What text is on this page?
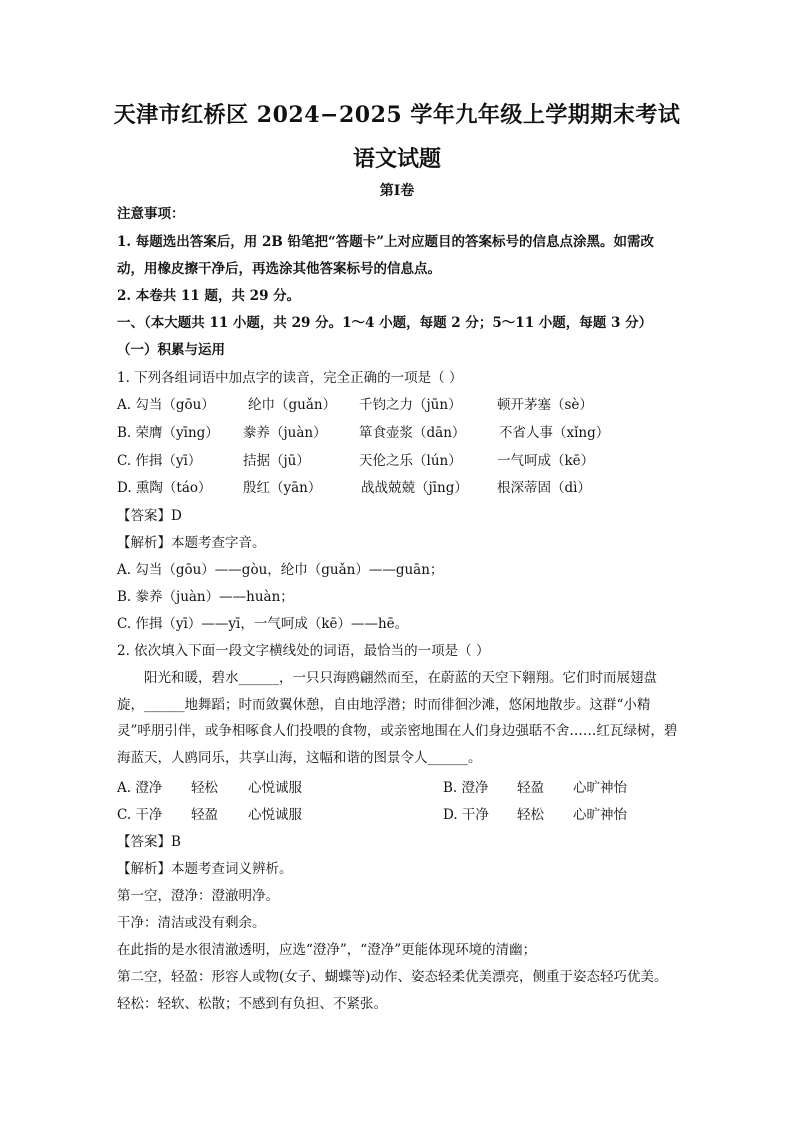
天津市红桥区 2024−2025 学年九年级上学期期末考试
语文试题
第Ⅰ卷
注意事项：
1. 每题选出答案后，用 2B 铅笔把“答题卡”上对应题目的答案标号的信息点涂黑。如需改
动，用橡皮擦干净后，再选涂其他答案标号的信息点。
2. 本卷共 11 题，共 29 分。
一、（本大题共 11 小题，共 29 分。1～4 小题，每题 2 分；5～11 小题，每题 3 分）
（一）积累与运用
1. 下列各组词语中加点字的读音，完全正确的一项是（ ）
A. 勾当（gōu） 纶巾（guǎn） 千钧之力（jūn）	顿开茅塞（sè）
B. 荣膺（yīng） 豢养（juàn） 箪食壶浆（dān） 不省人事（xǐng）
C. 作揖（yī）	拮据（jū）	天伦之乐（lún）	一气呵成（kē）
D. 熏陶（táo） 殷红（yān）	战战兢兢（jīng） 根深蒂固（dì）
【答案】D
【解析】本题考查字音。
A. 勾当（gōu）——gòu，纶巾（guǎn）——guān；
B. 豢养（juàn）——huàn；
C. 作揖（yī）——yī，一气呵成（kē）——hē。
2. 依次填入下面一段文字横线处的词语，最恰当的一项是（ ）
阳光和暖，碧水______，一只只海鸥翩然而至，在蔚蓝的天空下翱翔。它们时而展翅盘旋，______地舞蹈；时而敛翼休憩，自由地浮潜；时而徘徊沙滩，悠闲地散步。这群“小精灵”呼朋引伴，或争相啄食人们投喂的食物，或亲密地围在人们身边强聒不舍……红瓦绿树，碧海蓝天，人鸥同乐，共享山海，这幅和谐的图景令人______。
A. 澄净 轻松 心悦诚服	B. 澄净 轻盈 心旷神怡
C. 干净 轻盈 心悦诚服	D. 干净 轻松 心旷神怡
【答案】B
【解析】本题考查词义辨析。
第一空，澄净：澄澈明净。
干净：清洁或没有剩余。
在此指的是水很清澈透明，应选“澄净”，“澄净”更能体现环境的清幽；
第二空，轻盈：形容人或物(女子、蝴蝶等)动作、姿态轻柔优美漂亮，侧重于姿态轻巧优美。
轻松：轻软、松散；不感到有负担、不紧张。
